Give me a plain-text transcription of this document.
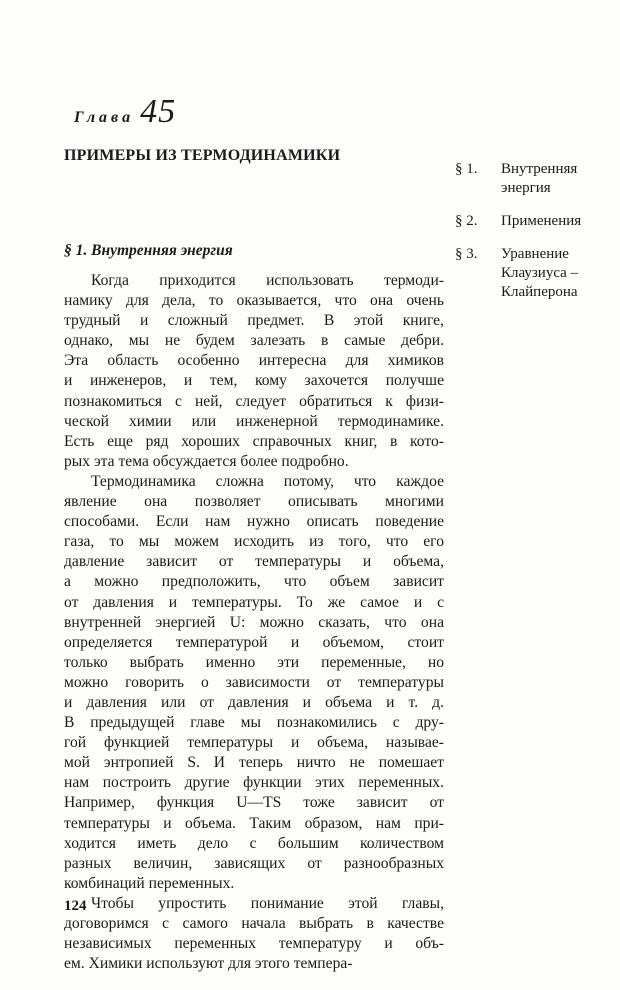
Глава 45
ПРИМЕРЫ ИЗ ТЕРМОДИНАМИКИ
§ 1.	Внутренняя
энергия
§ 2.	Применения
§ 3.	Уравнение
Клаузиуса –
Клайперона
§ 1. Внутренняя энергия
Когда приходится использовать термоди-
намику для дела, то оказывается, что она очень
трудный и сложный предмет. В этой книге,
однако, мы не будем залезать в самые дебри.
Эта область особенно интересна для химиков
и инженеров, и тем, кому захочется получше
познакомиться с ней, следует обратиться к физи-
ческой химии или инженерной термодинамике.
Есть еще ряд хороших справочных книг, в кото-
рых эта тема обсуждается более подробно.
Термодинамика сложна потому, что каждое
явление она позволяет описывать многими
способами. Если нам нужно описать поведение
газа, то мы можем исходить из того, что его
давление зависит от температуры и объема,
а можно предположить, что объем зависит
от давления и температуры. То же самое и с
внутренней энергией U: можно сказать, что она
определяется температурой и объемом, стоит
только выбрать именно эти переменные, но
можно говорить о зависимости от температуры
и давления или от давления и объема и т. д.
В предыдущей главе мы познакомились с дру-
гой функцией температуры и объема, называе-
мой энтропией S. И теперь ничто не помешает
нам построить другие функции этих переменных.
Например, функция U—TS тоже зависит от
температуры и объема. Таким образом, нам при-
ходится иметь дело с большим количеством
разных величин, зависящих от разнообразных
комбинаций переменных.
Чтобы упростить понимание этой главы,
договоримся с самого начала выбрать в качестве
независимых переменных температуру и объ-
ем. Химики используют для этого темпера-
124
